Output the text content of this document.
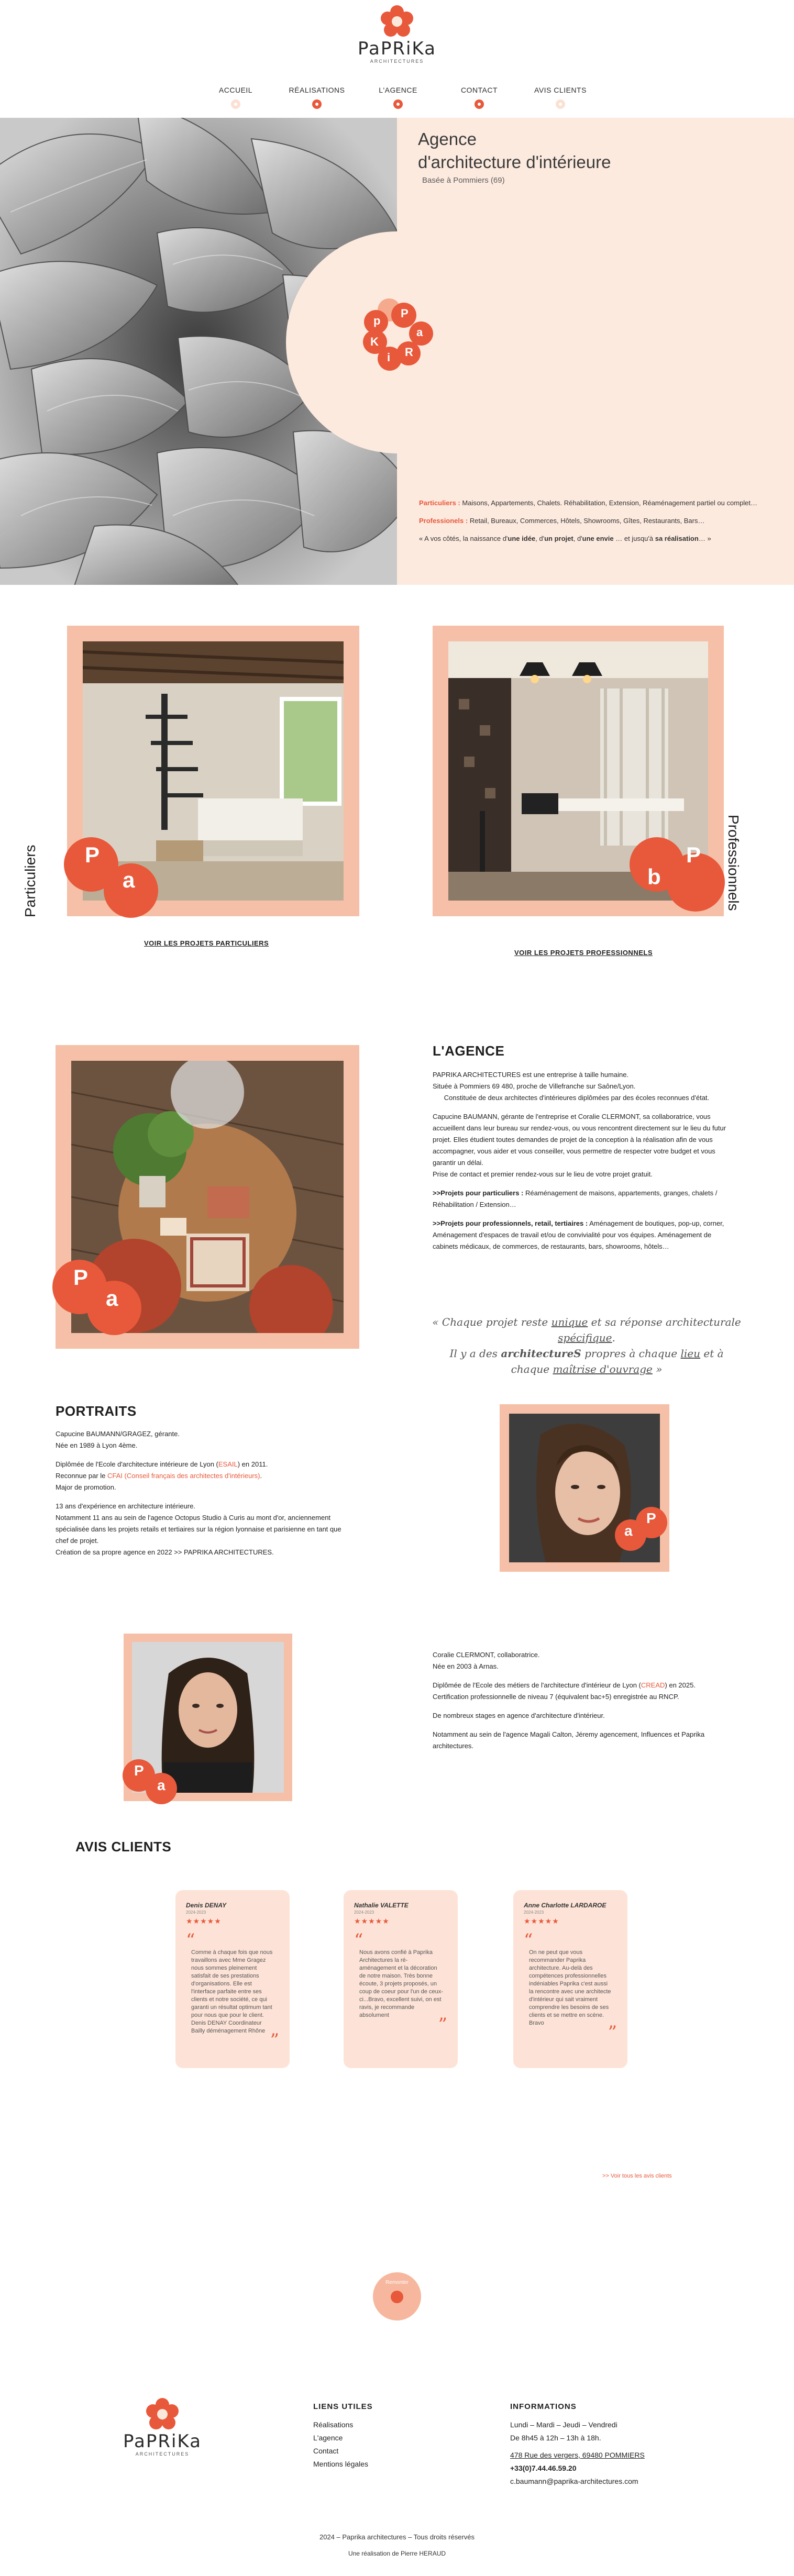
PaPRiKa
ARCHITECTURES
ACCUEIL	RÉALISATIONS	L'AGENCE	CONTACT	AVIS CLIENTS
P
a
p
K
i R
Agence
d'architecture d'intérieure
Basée à Pommiers (69)

Particuliers : Maisons, Appartements, Chalets. Réhabilitation, Extension, Réaménagement partiel ou complet…

Professionels : Retail, Bureaux, Commerces, Hôtels, Showrooms, Gîtes, Restaurants, Bars…

« A vos côtés, la naissance d'une idée, d'un projet, d'une envie … et jusqu'à sa réalisation… »

P
a
Particuliers
VOIR LES PROJETS PARTICULIERS
b
P Professionnels
VOIR LES PROJETS PROFESSIONNELS
P
a
L'AGENCE

PAPRIKA ARCHITECTURES est une entreprise à taille humaine.
Située à Pommiers 69 480, proche de Villefranche sur Saône/Lyon.
Constituée de deux architectes d'intérieures diplômées par des écoles reconnues d'état.

Capucine BAUMANN, gérante de l'entreprise et Coralie CLERMONT, sa collaboratrice, vous accueillent dans leur bureau sur rendez-vous, ou vous rencontrent directement sur le lieu du futur projet. Elles étudient toutes demandes de projet de la conception à la réalisation afin de vous accompagner, vous aider et vous conseiller, vous permettre de respecter votre budget et vous garantir un délai.
Prise de contact et premier rendez-vous sur le lieu de votre projet gratuit.

>>Projets pour particuliers : Réaménagement de maisons, appartements, granges, chalets / Réhabilitation / Extension…

>>Projets pour professionnels, retail, tertiaires : Aménagement de boutiques, pop-up, corner, Aménagement d'espaces de travail et/ou de convivialité pour vos équipes. Aménagement de cabinets médicaux, de commerces, de restaurants, bars, showrooms, hôtels…

« Chaque projet reste unique et sa réponse architecturale spécifique.
Il y a des architectureS propres à chaque lieu et à chaque maîtrise d'ouvrage »
PORTRAITS

Capucine BAUMANN/GRAGEZ, gérante.
Née en 1989 à Lyon 4ème.

Diplômée de l'Ecole d'architecture intérieure de Lyon (ESAIL) en 2011.
Reconnue par le CFAI (Conseil français des architectes d'intérieurs).
Major de promotion.

13 ans d'expérience en architecture intérieure.
Notamment 11 ans au sein de l'agence Octopus Studio à Curis au mont d'or, anciennement spécialisée dans les projets retails et tertiaires sur la région lyonnaise et parisienne en tant que chef de projet.
Création de sa propre agence en 2022 >> PAPRIKA ARCHITECTURES.

a
P
P
a

Coralie CLERMONT, collaboratrice.
Née en 2003 à Arnas.

Diplômée de l'Ecole des métiers de l'architecture d'intérieur de Lyon (CREAD) en 2025.
Certification professionnelle de niveau 7 (équivalent bac+5) enregistrée au RNCP.

De nombreux stages en agence d'architecture d'intérieur.

Notamment au sein de l'agence Magali Calton, Jéremy agencement, Influences et Paprika architectures.

AVIS CLIENTS
Denis DENAY
2024-2023
★★★★★
“
Comme à chaque fois que nous travaillons avec Mme Gragez nous sommes pleinement satisfait de ses prestations d'organisations. Elle est l'interface parfaite entre ses clients et notre société, ce qui garanti un résultat optimum tant pour nous que pour le client. Denis DENAY Coordinateur Bailly déménagement Rhône ”
Nathalie VALETTE
2024-2023
★★★★★
“
Nous avons confié à Paprika Architectures la ré-aménagement et la décoration de notre maison. Très bonne écoute, 3 projets proposés, un coup de coeur pour l'un de ceux-ci...Bravo, excellent suivi, on est ravis, je recommande absolument	”
Anne Charlotte LARDAROE
2024-2023
★★★★★
“
On ne peut que vous recommander Paprika architecture. Au-delà des compétences professionnelles indéniables Paprika c'est aussi la rencontre avec une architecte d'intérieur qui sait vraiment comprendre les besoins de ses clients et se mettre en scène. Bravo	”
>> Voir tous les avis clients
Remonter
PaPRiKa
ARCHITECTURES
LIENS UTILES
Réalisations
L'agence
Contact
Mentions légales
INFORMATIONS
Lundi – Mardi – Jeudi – Vendredi
De 8h45 à 12h – 13h à 18h.
478 Rue des vergers, 69480 POMMIERS
+33(0)7.44.46.59.20
c.baumann@paprika-architectures.com
2024 – Paprika architectures – Tous droits réservés
Une réalisation de Pierre HERAUD
